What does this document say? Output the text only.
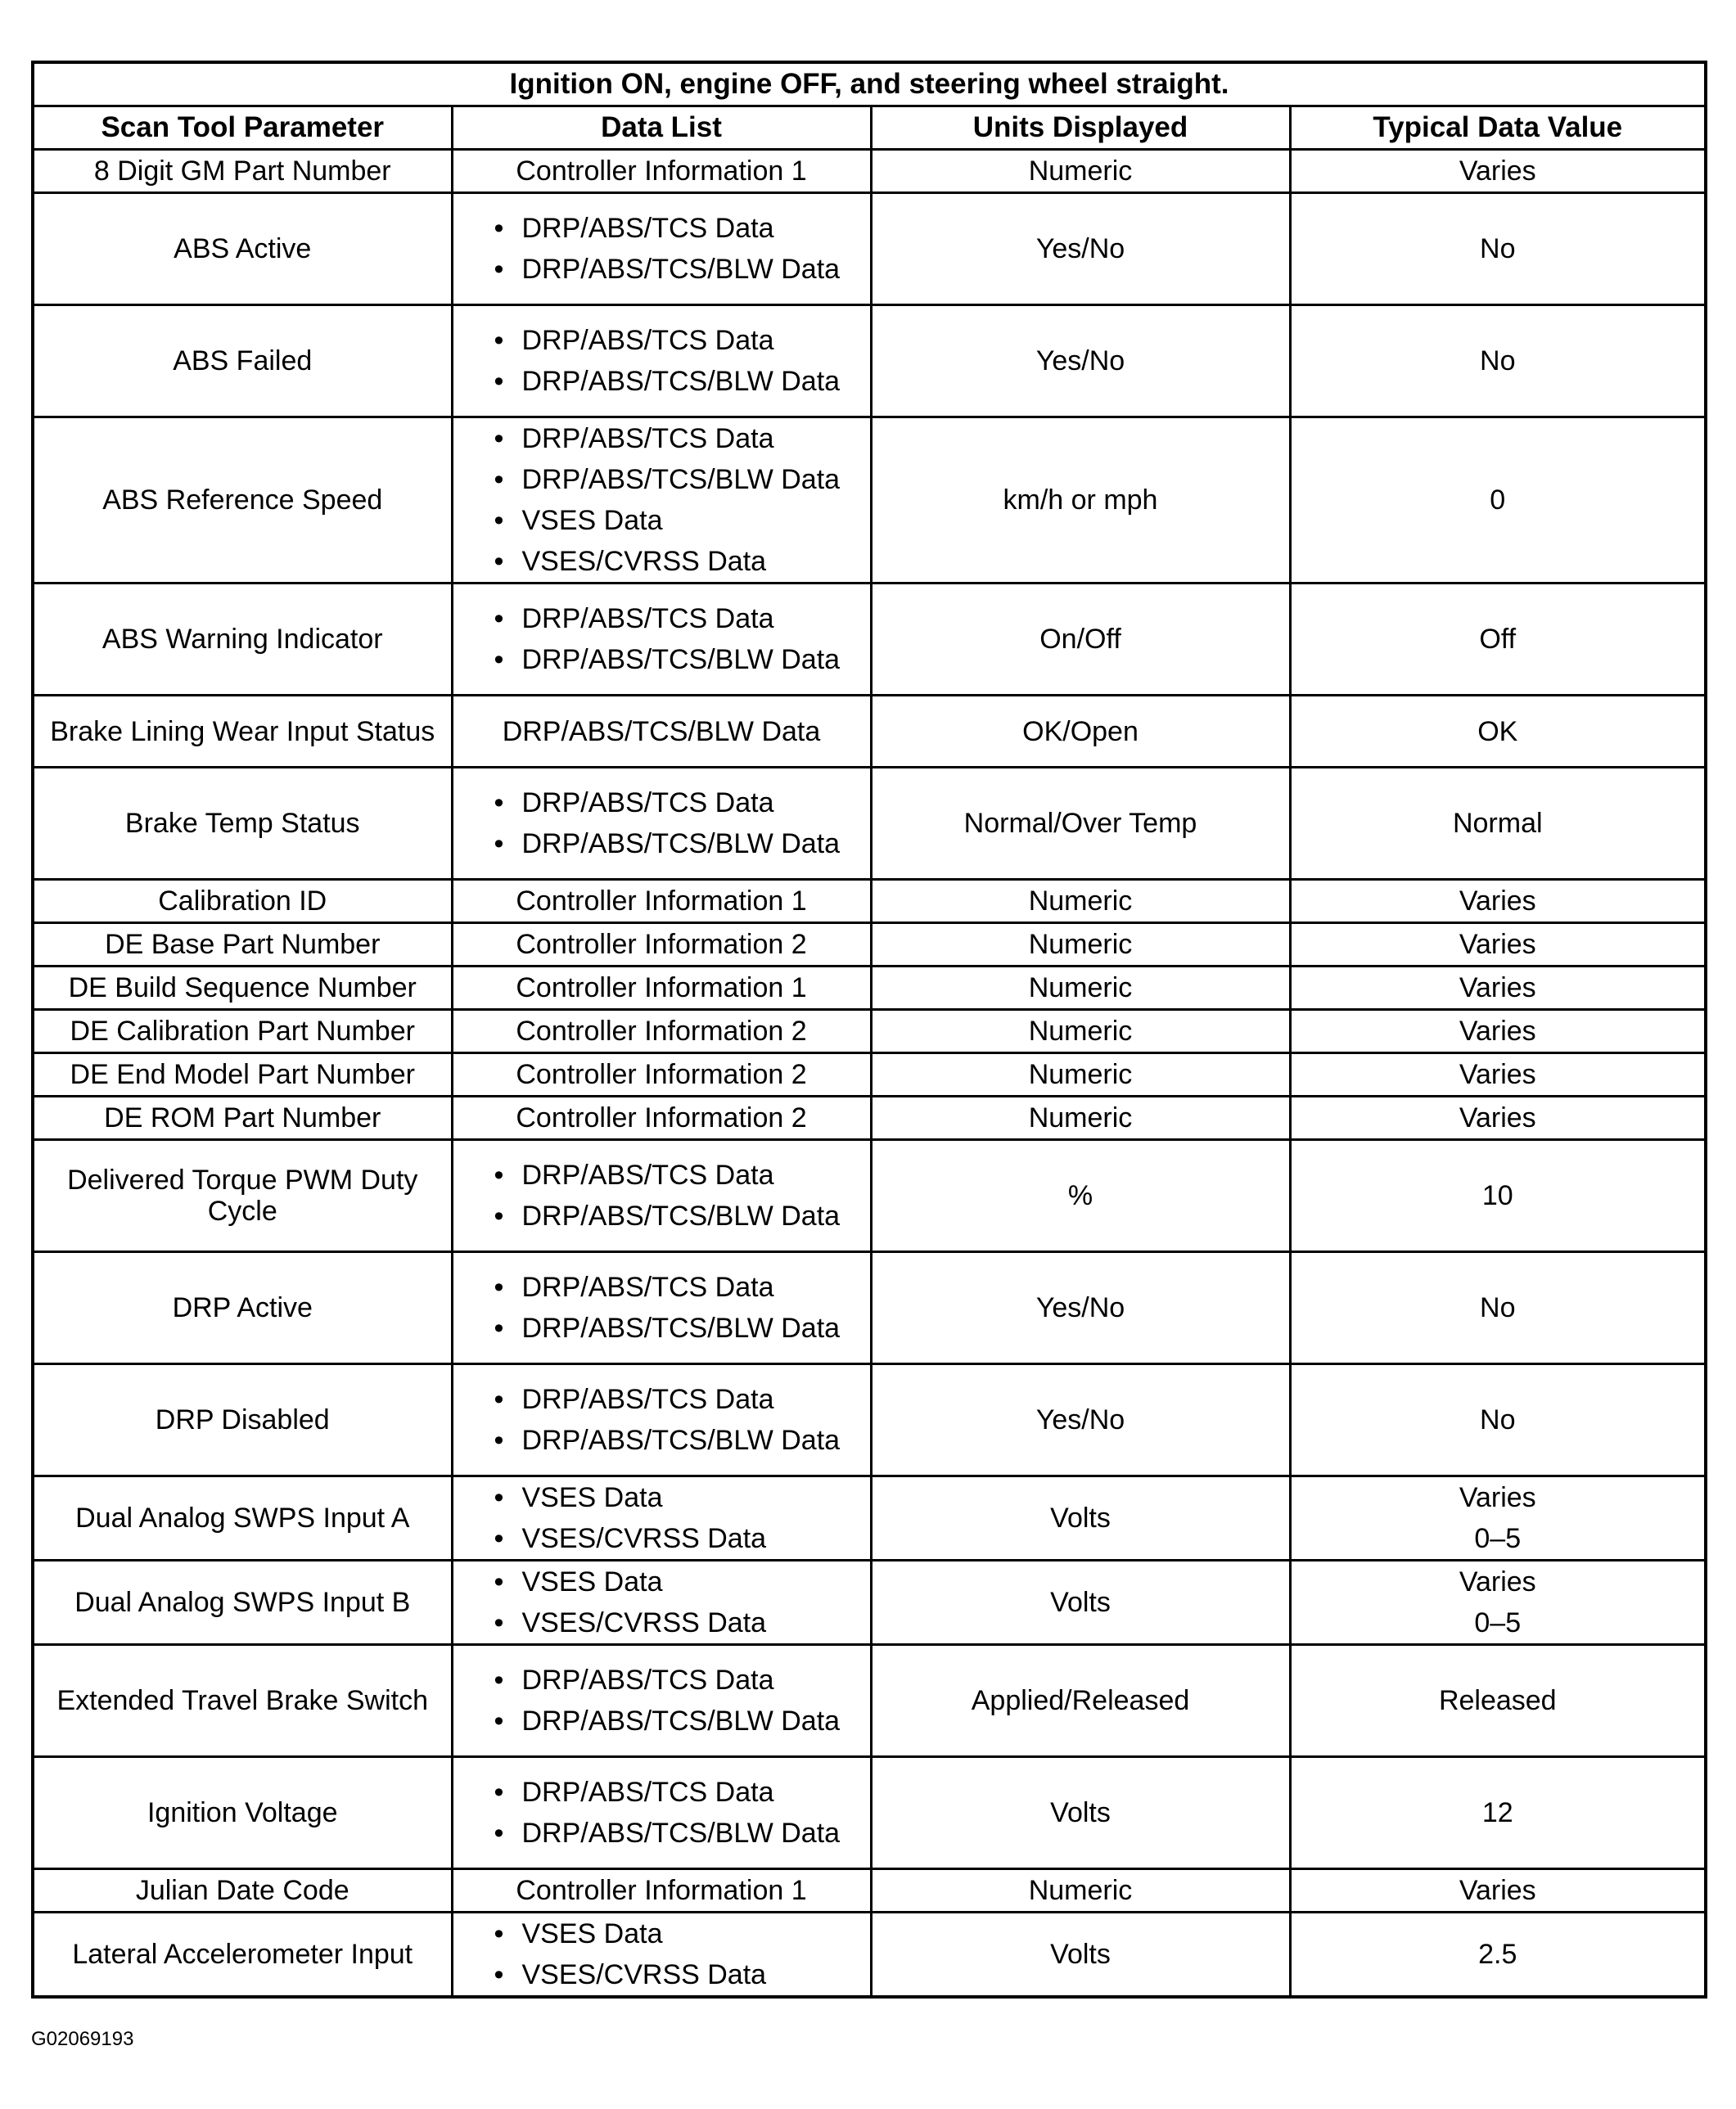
Ignition ON, engine OFF, and steering wheel straight.			
Scan Tool Parameter	Data List	Units Displayed	Typical Data Value
8 Digit GM Part Number	Controller Information 1	Numeric	Varies

ABS Active	• DRP/ABS/TCS Data
• DRP/ABS/TCS/BLW Data	Yes/No	No

ABS Failed	• DRP/ABS/TCS Data
• DRP/ABS/TCS/BLW Data	Yes/No	No

ABS Reference Speed	• DRP/ABS/TCS Data
• DRP/ABS/TCS/BLW Data
• VSES Data
• VSES/CVRSS Data	km/h or mph	0

ABS Warning Indicator	• DRP/ABS/TCS Data
• DRP/ABS/TCS/BLW Data	On/Off	Off

Brake Lining Wear Input Status	DRP/ABS/TCS/BLW Data	OK/Open	OK

Brake Temp Status	• DRP/ABS/TCS Data
• DRP/ABS/TCS/BLW Data	Normal/Over Temp	Normal

Calibration ID	Controller Information 1	Numeric	Varies

DE Base Part Number	Controller Information 2	Numeric	Varies

DE Build Sequence Number	Controller Information 1	Numeric	Varies

DE Calibration Part Number	Controller Information 2	Numeric	Varies

DE End Model Part Number	Controller Information 2	Numeric	Varies

DE ROM Part Number	Controller Information 2	Numeric	Varies

Delivered Torque PWM Duty Cycle	• DRP/ABS/TCS Data
• DRP/ABS/TCS/BLW Data	%	10

DRP Active	• DRP/ABS/TCS Data
• DRP/ABS/TCS/BLW Data	Yes/No	No

DRP Disabled	• DRP/ABS/TCS Data
• DRP/ABS/TCS/BLW Data	Yes/No	No

Dual Analog SWPS Input A	• VSES Data
• VSES/CVRSS Data	Volts	Varies
0–5

Dual Analog SWPS Input B	• VSES Data
• VSES/CVRSS Data	Volts	Varies
0–5

Extended Travel Brake Switch	• DRP/ABS/TCS Data
• DRP/ABS/TCS/BLW Data	Applied/Released	Released

Ignition Voltage	• DRP/ABS/TCS Data
• DRP/ABS/TCS/BLW Data	Volts	12

Julian Date Code	Controller Information 1	Numeric	Varies

Lateral Accelerometer Input	• VSES Data
• VSES/CVRSS Data	Volts	2.5
G02069193
